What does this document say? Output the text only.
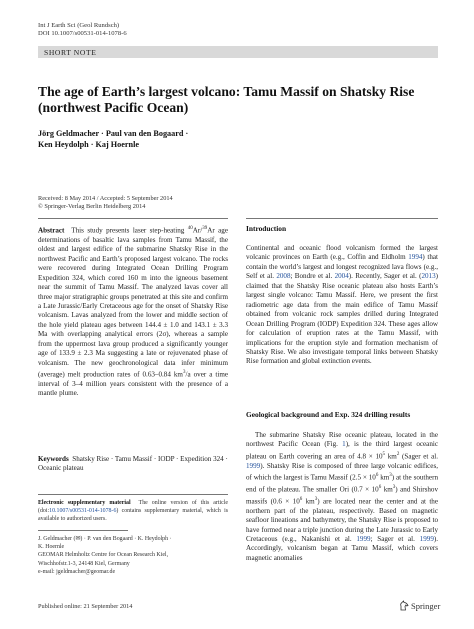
Int J Earth Sci (Geol Rundsch)
DOI 10.1007/s00531-014-1078-6
SHORT NOTE
The age of Earth’s largest volcano: Tamu Massif on Shatsky Rise
(northwest Pacific Ocean)
Jörg Geldmacher · Paul van den Bogaard ·
Ken Heydolph · Kaj Hoernle
Received: 8 May 2014 / Accepted: 5 September 2014
© Springer-Verlag Berlin Heidelberg 2014

Abstract This study presents laser step-heating $^{40}$Ar/$^{39}$Ar age determinations of basaltic lava samples from Tamu Massif, the oldest and largest edifice of the submarine Shatsky Rise in the northwest Pacific and Earth’s proposed largest volcano. The rocks were recovered during Integrated Ocean Drilling Program Expedition 324, which cored 160 m into the igneous basement near the summit of Tamu Massif. The analyzed lavas cover all three major stratigraphic groups penetrated at this site and confirm a Late Jurassic/Early Cretaceous age for the onset of Shatsky Rise volcanism. Lavas analyzed from the lower and middle section of the hole yield plateau ages between 144.4 ± 1.0 and 143.1 ± 3.3 Ma with overlapping analytical errors (2σ), whereas a sample from the uppermost lava group produced a significantly younger age of 133.9 ± 2.3 Ma suggesting a late or rejuvenated phase of volcanism. The new geochronological data infer minimum (average) melt production rates of 0.63–0.84 $km^3/a$ over a time interval of 3–4 million years consistent with the presence of a mantle plume.

Keywords Shatsky Rise · Tamu Massif · IODP · Expedition 324 · Oceanic plateau
Electronic supplementary material The online version of this article (doi:10.1007/s00531-014-1078-6) contains supplementary material, which is available to authorized users.
J. Geldmacher (✉) · P. van den Bogaard · K. Heydolph ·
K. Hoernle
GEOMAR Helmholtz Centre for Ocean Research Kiel,
Wischhofstr.1-3, 24148 Kiel, Germany
e-mail: jgeldmacher@geomar.de
Introduction

Continental and oceanic flood volcanism formed the largest volcanic provinces on Earth (e.g., Coffin and Eldholm 1994) that contain the world’s largest and longest recognized lava flows (e.g., Self et al. 2008; Bondre et al. 2004). Recently, Sager et al. (2013) claimed that the Shatsky Rise oceanic plateau also hosts Earth’s largest single volcano: Tamu Massif. Here, we present the first radiometric age data from the main edifice of Tamu Massif obtained from volcanic rock samples drilled during Integrated Ocean Drilling Program (IODP) Expedition 324. These ages allow for calculation of eruption rates at the Tamu Massif, with implications for the eruption style and formation mechanism of Shatsky Rise. We also investigate temporal links between Shatsky Rise formation and global extinction events.

Geological background and Exp. 324 drilling results

The submarine Shatsky Rise oceanic plateau, located in the northwest Pacific Ocean (Fig. 1), is the third largest oceanic plateau on Earth covering an area of $4.8 \times 10^5$ $km^2$ (Sager et al. 1999). Shatsky Rise is composed of three large volcanic edifices, of which the largest is Tamu Massif ($2.5 \times 10^6$ $km^3$) at the southern end of the plateau. The smaller Ori ($0.7 \times 10^6$ $km^3$) and Shirshov massifs ($0.6 \times 10^6$ $km^3$) are located near the center and at the northern part of the plateau, respectively. Based on magnetic seafloor lineations and bathymetry, the Shatsky Rise is proposed to have formed near a triple junction during the Late Jurassic to Early Cretaceous (e.g., Nakanishi et al. 1999; Sager et al. 1999). Accordingly, volcanism began at Tamu Massif, which covers magnetic anomalies

Published online: 21 September 2014	Springer
